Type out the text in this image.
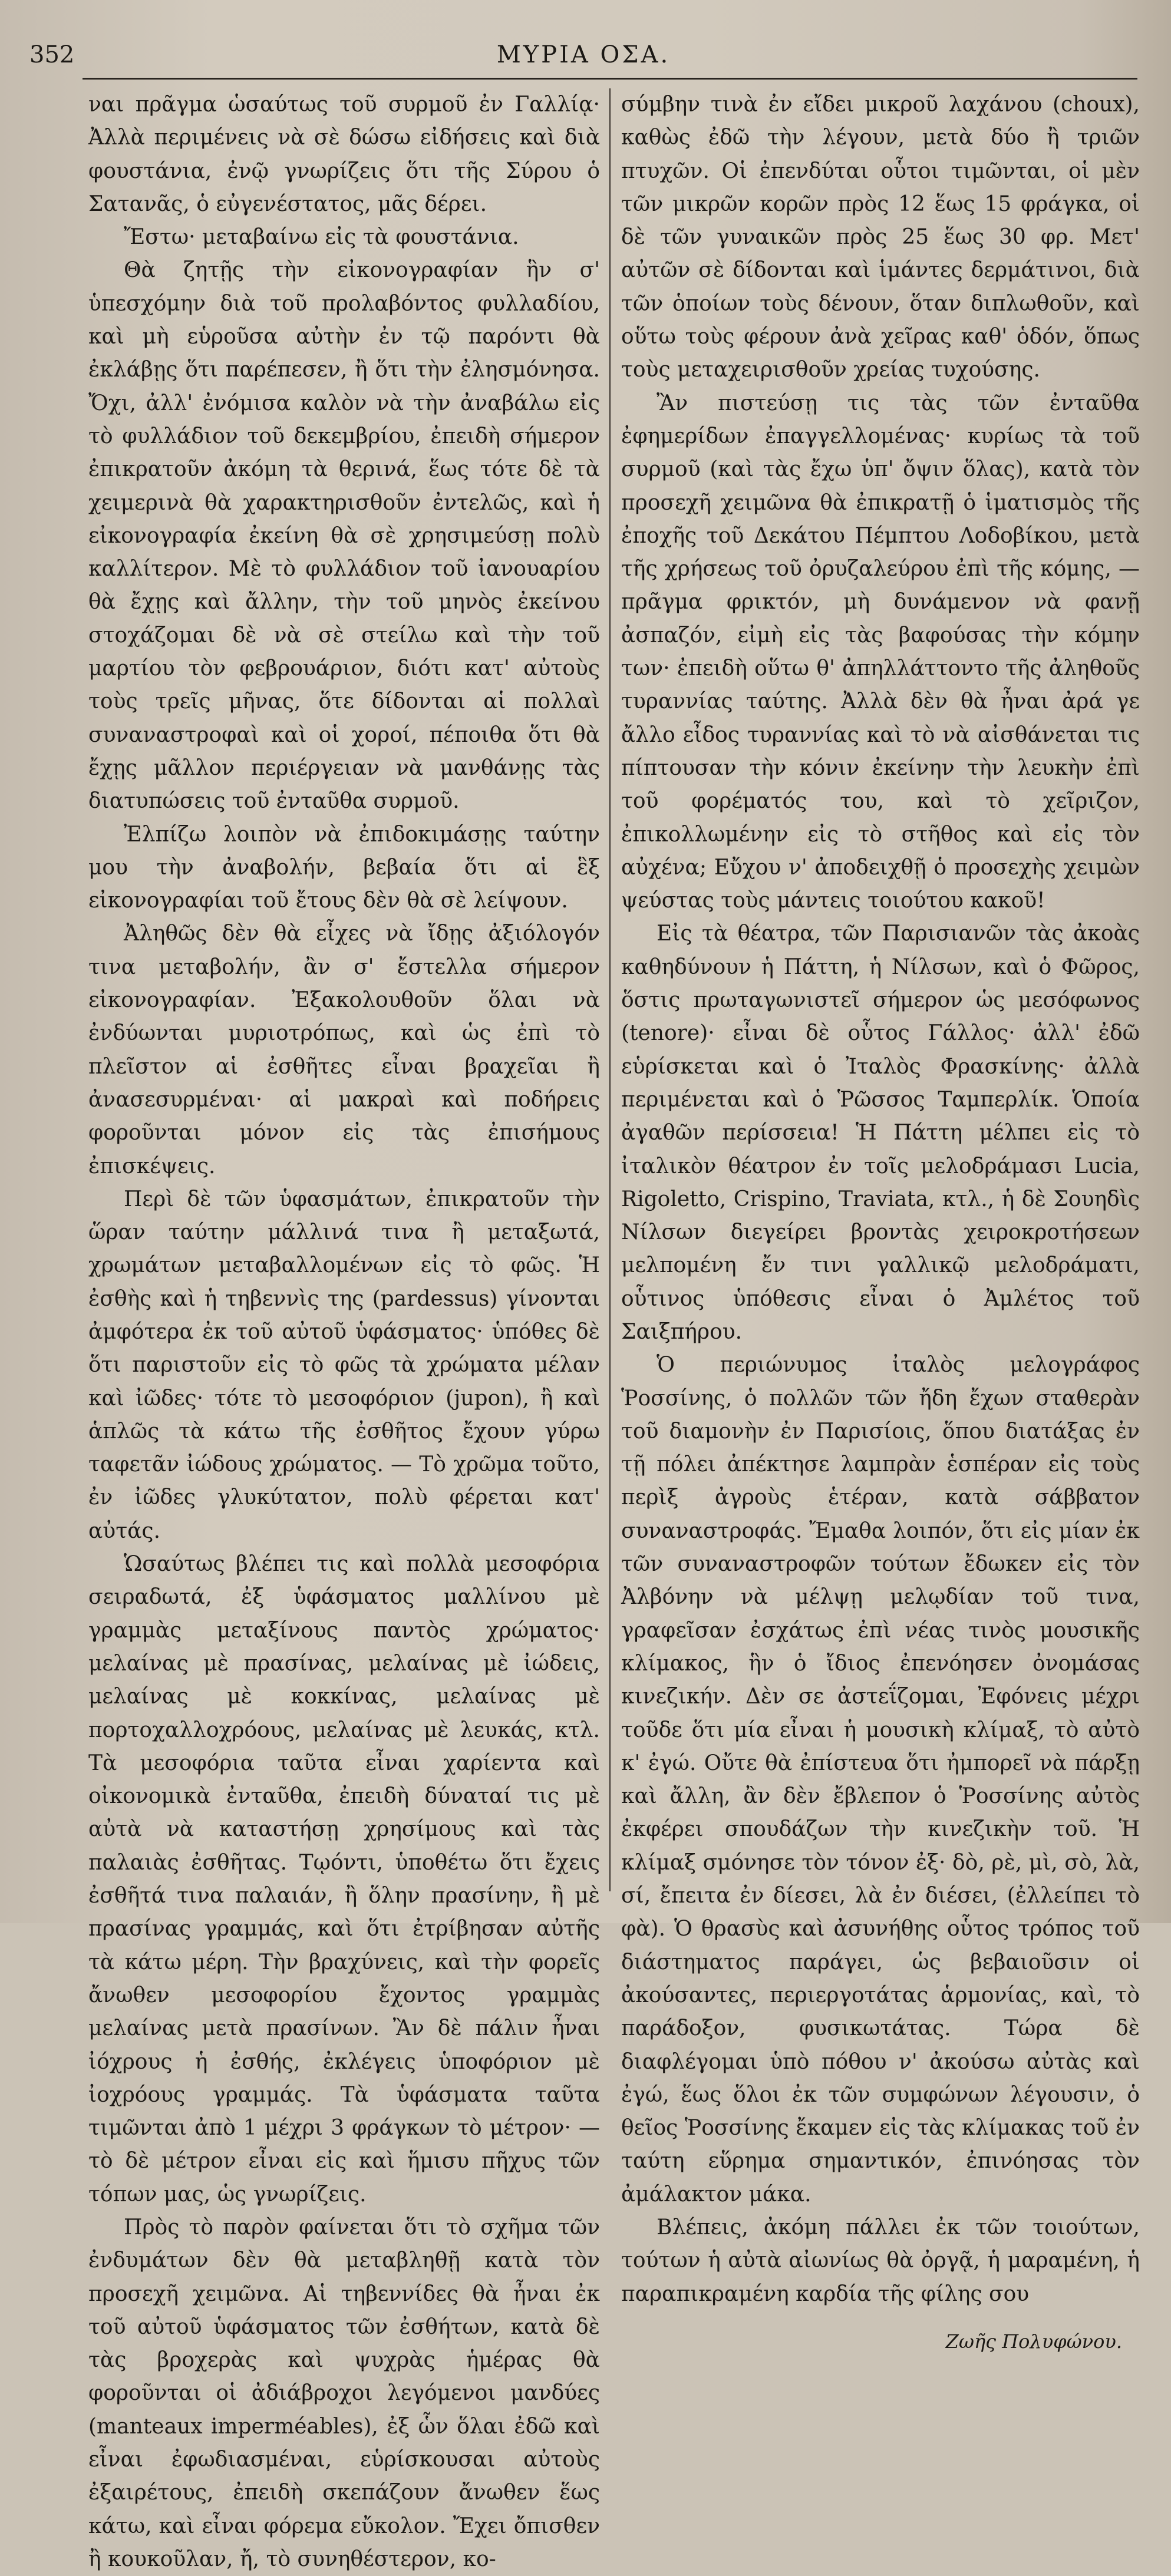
352	ΜΥΡΙΑ ΟΣΑ.

ναι πρᾶγμα ὡσαύτως τοῦ συρμοῦ ἐν Γαλλίᾳ· Ἀλλὰ περιμένεις νὰ σὲ δώσω εἰδήσεις καὶ διὰ φουστάνια, ἐνῷ γνωρίζεις ὅτι τῆς Σύρου ὁ Σατανᾶς, ὁ εὐγενέστατος, μᾶς δέρει.

Ἔστω· μεταβαίνω εἰς τὰ φουστάνια.

Θὰ ζητῇς τὴν εἰκονογραφίαν ἣν σ' ὑπεσχόμην διὰ τοῦ προλαβόντος φυλλαδίου, καὶ μὴ εὑροῦσα αὐτὴν ἐν τῷ παρόντι θὰ ἐκλάβῃς ὅτι παρέπεσεν, ἢ ὅτι τὴν ἐλησμόνησα. Ὄχι, ἀλλ' ἐνόμισα καλὸν νὰ τὴν ἀναβάλω εἰς τὸ φυλλάδιον τοῦ δεκεμβρίου, ἐπειδὴ σήμερον ἐπικρατοῦν ἀκόμη τὰ θερινά, ἕως τότε δὲ τὰ χειμερινὰ θὰ χαρακτηρισθοῦν ἐντελῶς, καὶ ἡ εἰκονογραφία ἐκείνη θὰ σὲ χρησιμεύσῃ πολὺ καλλίτερον. Μὲ τὸ φυλλάδιον τοῦ ἰανουαρίου θὰ ἔχῃς καὶ ἄλλην, τὴν τοῦ μηνὸς ἐκείνου στοχάζομαι δὲ νὰ σὲ στείλω καὶ τὴν τοῦ μαρτίου τὸν φεβρουάριον, διότι κατ' αὐτοὺς τοὺς τρεῖς μῆνας, ὅτε δίδονται αἱ πολλαὶ συναναστροφαὶ καὶ οἱ χοροί, πέποιθα ὅτι θὰ ἔχῃς μᾶλλον περιέργειαν νὰ μανθάνῃς τὰς διατυπώσεις τοῦ ἐνταῦθα συρμοῦ.

Ἐλπίζω λοιπὸν νὰ ἐπιδοκιμάσῃς ταύτην μου τὴν ἀναβολήν, βεβαία ὅτι αἱ ἓξ εἰκονογραφίαι τοῦ ἔτους δὲν θὰ σὲ λείψουν.

Ἀληθῶς δὲν θὰ εἶχες νὰ ἴδῃς ἀξιόλογόν τινα μεταβολήν, ἂν σ' ἔστελλα σήμερον εἰκονογραφίαν. Ἐξακολουθοῦν ὅλαι νὰ ἐνδύωνται μυριοτρόπως, καὶ ὡς ἐπὶ τὸ πλεῖστον αἱ ἐσθῆτες εἶναι βραχεῖαι ἢ ἀνασεσυρμέναι· αἱ μακραὶ καὶ ποδήρεις φοροῦνται μόνον εἰς τὰς ἐπισήμους ἐπισκέψεις.

Περὶ δὲ τῶν ὑφασμάτων, ἐπικρατοῦν τὴν ὥραν ταύτην μάλλινά τινα ἢ μεταξωτά, χρωμάτων μεταβαλλομένων εἰς τὸ φῶς. Ἡ ἐσθὴς καὶ ἡ τηβεννὶς της (pardessus) γίνονται ἀμφότερα ἐκ τοῦ αὐτοῦ ὑφάσματος· ὑπόθες δὲ ὅτι παριστοῦν εἰς τὸ φῶς τὰ χρώματα μέλαν καὶ ἰῶδες· τότε τὸ μεσοφόριον (jupon), ἢ καὶ ἁπλῶς τὰ κάτω τῆς ἐσθῆτος ἔχουν γύρω ταφετᾶν ἰώδους χρώματος. — Τὸ χρῶμα τοῦτο, ἐν ἰῶδες γλυκύτατον, πολὺ φέρεται κατ' αὐτάς.

Ὡσαύτως βλέπει τις καὶ πολλὰ μεσοφόρια σειραδωτά, ἐξ ὑφάσματος μαλλίνου μὲ γραμμὰς μεταξίνους παντὸς χρώματος· μελαίνας μὲ πρασίνας, μελαίνας μὲ ἰώδεις, μελαίνας μὲ κοκκίνας, μελαίνας μὲ πορτοχαλλοχρόους, μελαίνας μὲ λευκάς, κτλ. Τὰ μεσοφόρια ταῦτα εἶναι χαρίεντα καὶ οἰκονομικὰ ἐνταῦθα, ἐπειδὴ δύναταί τις μὲ αὐτὰ νὰ καταστήσῃ χρησίμους καὶ τὰς παλαιὰς ἐσθῆτας. Τῳόντι, ὑποθέτω ὅτι ἔχεις ἐσθῆτά τινα παλαιάν, ἢ ὅλην πρασίνην, ἢ μὲ πρασίνας γραμμάς, καὶ ὅτι ἐτρίβησαν αὐτῆς τὰ κάτω μέρη. Τὴν βραχύνεις, καὶ τὴν φορεῖς ἄνωθεν μεσοφορίου ἔχοντος γραμμὰς μελαίνας μετὰ πρασίνων. Ἂν δὲ πάλιν ἦναι ἰόχρους ἡ ἐσθής, ἐκλέγεις ὑποφόριον μὲ ἰοχρόους γραμμάς. Τὰ ὑφάσματα ταῦτα τιμῶνται ἀπὸ 1 μέχρι 3 φράγκων τὸ μέτρον· — τὸ δὲ μέτρον εἶναι εἰς καὶ ἥμισυ πῆχυς τῶν τόπων μας, ὡς γνωρίζεις.

Πρὸς τὸ παρὸν φαίνεται ὅτι τὸ σχῆμα τῶν ἐνδυμάτων δὲν θὰ μεταβληθῇ κατὰ τὸν προσεχῆ χειμῶνα. Αἱ τηβεννίδες θὰ ἦναι ἐκ τοῦ αὐτοῦ ὑφάσματος τῶν ἐσθήτων, κατὰ δὲ τὰς βροχερὰς καὶ ψυχρὰς ἡμέρας θὰ φοροῦνται οἱ ἀδιάβροχοι λεγόμενοι μανδύες (manteaux imperméables), ἐξ ὧν ὅλαι ἐδῶ καὶ εἶναι ἐφωδιασμέναι, εὑρίσκουσαι αὐτοὺς ἐξαιρέτους, ἐπειδὴ σκεπάζουν ἄνωθεν ἕως κάτω, καὶ εἶναι φόρεμα εὔκολον. Ἔχει ὄπισθεν ἢ κουκοῦλαν, ἤ, τὸ συνηθέστερον, κο-

σύμβην τινὰ ἐν εἴδει μικροῦ λαχάνου (choux), καθὼς ἐδῶ τὴν λέγουν, μετὰ δύο ἢ τριῶν πτυχῶν. Οἱ ἐπενδύται οὗτοι τιμῶνται, οἱ μὲν τῶν μικρῶν κορῶν πρὸς 12 ἕως 15 φράγκα, οἱ δὲ τῶν γυναικῶν πρὸς 25 ἕως 30 φρ. Μετ' αὐτῶν σὲ δίδονται καὶ ἱμάντες δερμάτινοι, διὰ τῶν ὁποίων τοὺς δένουν, ὅταν διπλωθοῦν, καὶ οὕτω τοὺς φέρουν ἀνὰ χεῖρας καθ' ὁδόν, ὅπως τοὺς μεταχειρισθοῦν χρείας τυχούσης.

Ἂν πιστεύσῃ τις τὰς τῶν ἐνταῦθα ἐφημερίδων ἐπαγγελλομένας· κυρίως τὰ τοῦ συρμοῦ (καὶ τὰς ἔχω ὑπ' ὄψιν ὅλας), κατὰ τὸν προσεχῆ χειμῶνα θὰ ἐπικρατῇ ὁ ἱματισμὸς τῆς ἐποχῆς τοῦ Δεκάτου Πέμπτου Λοδοβίκου, μετὰ τῆς χρήσεως τοῦ ὀρυζαλεύρου ἐπὶ τῆς κόμης, — πρᾶγμα φρικτόν, μὴ δυνάμενον νὰ φανῇ ἀσπαζόν, εἰμὴ εἰς τὰς βαφούσας τὴν κόμην των· ἐπειδὴ οὕτω θ' ἀπηλλάττοντο τῆς ἀληθοῦς τυραννίας ταύτης. Ἀλλὰ δὲν θὰ ἦναι ἀρά γε ἄλλο εἶδος τυραννίας καὶ τὸ νὰ αἰσθάνεται τις πίπτουσαν τὴν κόνιν ἐκείνην τὴν λευκὴν ἐπὶ τοῦ φορέματός του, καὶ τὸ χεῖριζον, ἐπικολλωμένην εἰς τὸ στῆθος καὶ εἰς τὸν αὐχένα; Εὔχου ν' ἀποδειχθῇ ὁ προσεχὴς χειμὼν ψεύστας τοὺς μάντεις τοιούτου κακοῦ!

Εἰς τὰ θέατρα, τῶν Παρισιανῶν τὰς ἀκοὰς καθηδύνουν ἡ Πάττη, ἡ Νίλσων, καὶ ὁ Φῶρος, ὅστις πρωταγωνιστεῖ σήμερον ὡς μεσόφωνος (tenore)· εἶναι δὲ οὗτος Γάλλος· ἀλλ' ἐδῶ εὑρίσκεται καὶ ὁ Ἰταλὸς Φρασκίνης· ἀλλὰ περιμένεται καὶ ὁ Ῥῶσσος Ταμπερλίκ. Ὁποία ἀγαθῶν περίσσεια! Ἡ Πάττη μέλπει εἰς τὸ ἰταλικὸν θέατρον ἐν τοῖς μελοδράμασι Lucia, Rigoletto, Crispino, Traviata, κτλ., ἡ δὲ Σουηδὶς Νίλσων διεγείρει βροντὰς χειροκροτήσεων μελπομένη ἔν τινι γαλλικῷ μελοδράματι, οὗτινος ὑπόθεσις εἶναι ὁ Ἀμλέτος τοῦ Σαιξπήρου.

Ὁ περιώνυμος ἰταλὸς μελογράφος Ῥοσσίνης, ὁ πολλῶν τῶν ἤδη ἔχων σταθερὰν τοῦ διαμονὴν ἐν Παρισίοις, ὅπου διατάξας ἐν τῇ πόλει ἀπέκτησε λαμπρὰν ἑσπέραν εἰς τοὺς περὶξ ἀγροὺς ἑτέραν, κατὰ σάββατον συναναστροφάς. Ἔμαθα λοιπόν, ὅτι εἰς μίαν ἐκ τῶν συναναστροφῶν τούτων ἔδωκεν εἰς τὸν Ἀλβόνην νὰ μέλψῃ μελῳδίαν τοῦ τινα, γραφεῖσαν ἐσχάτως ἐπὶ νέας τινὸς μουσικῆς κλίμακος, ἣν ὁ ἴδιος ἐπενόησεν ὀνομάσας κινεζικήν. Δὲν σε ἀστεΐζομαι, Ἐφόνεις μέχρι τοῦδε ὅτι μία εἶναι ἡ μουσικὴ κλίμαξ, τὸ αὐτὸ κ' ἐγώ. Οὔτε θὰ ἐπίστευα ὅτι ἠμπορεῖ νὰ πάρξῃ καὶ ἄλλη, ἂν δὲν ἔβλεπον ὁ Ῥοσσίνης αὐτὸς ἐκφέρει σπουδάζων τὴν κινεζικὴν τοῦ. Ἡ κλίμαξ σμόνησε τὸν τόνον ἐξ· δὸ, ρὲ, μὶ, σὸ, λὰ, σί, ἔπειτα ἐν δίεσει, λὰ ἐν διέσει, (ἐλλείπει τὸ φὰ). Ὁ θρασὺς καὶ ἀσυνήθης οὗτος τρόπος τοῦ διάστηματος παράγει, ὡς βεβαιοῦσιν οἱ ἀκούσαντες, περιεργοτάτας ἁρμονίας, καὶ, τὸ παράδοξον, φυσικωτάτας. Τώρα δὲ διαφλέγομαι ὑπὸ πόθου ν' ἀκούσω αὐτὰς καὶ ἐγώ, ἕως ὅλοι ἐκ τῶν συμφώνων λέγουσιν, ὁ θεῖος Ῥοσσίνης ἔκαμεν εἰς τὰς κλίμακας τοῦ ἐν ταύτη εὕρημα σημαντικόν, ἐπινόησας τὸν ἀμάλακτον μάκα.

Βλέπεις, ἀκόμη πάλλει ἐκ τῶν τοιούτων, τούτων ἡ αὐτὰ αἰωνίως θὰ ὀργᾷ, ἡ μαραμένη, ἡ παραπικραμένη καρδία τῆς φίλης σου

Ζωῆς Πολυφώνου.
